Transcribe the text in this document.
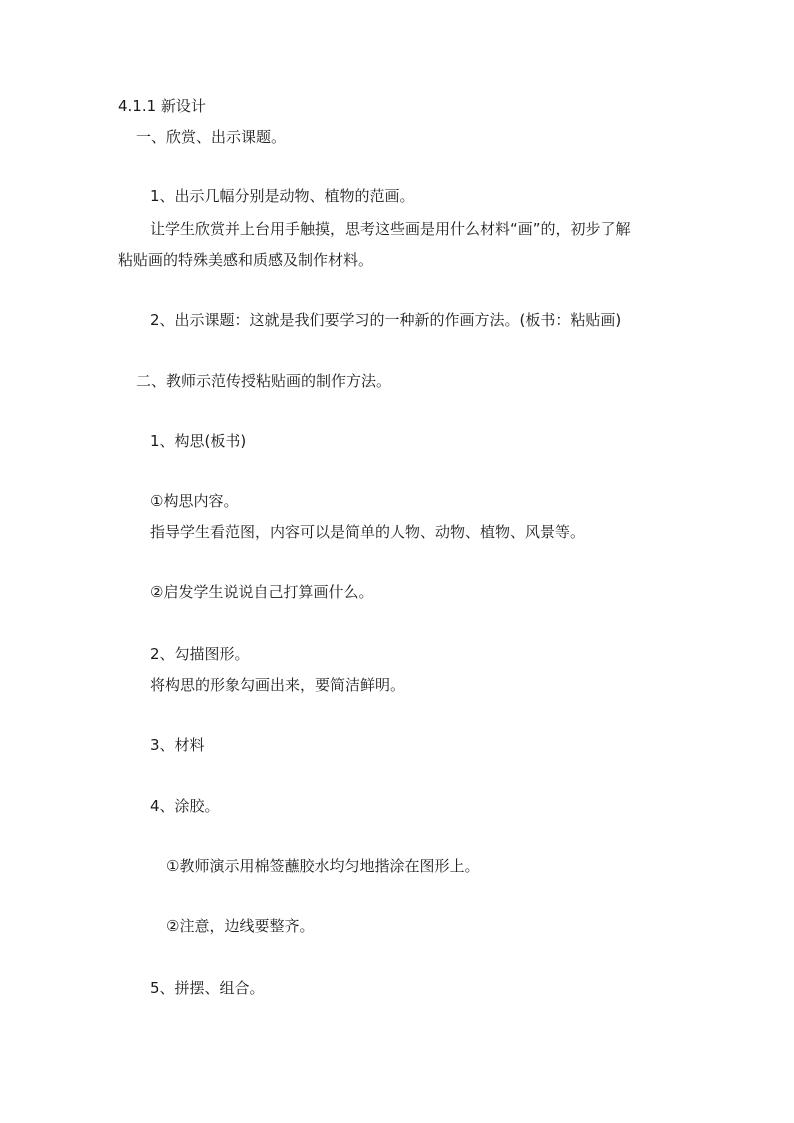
4.1.1 新设计
一、欣赏、出示课题。
1、出示几幅分别是动物、植物的范画。
让学生欣赏并上台用手触摸，思考这些画是用什么材料“画”的，初步了解
粘贴画的特殊美感和质感及制作材料。
2、出示课题：这就是我们要学习的一种新的作画方法。(板书：粘贴画)
二、教师示范传授粘贴画的制作方法。
1、构思(板书)
①构思内容。
指导学生看范图，内容可以是简单的人物、动物、植物、风景等。
②启发学生说说自己打算画什么。
2、勾描图形。
将构思的形象勾画出来，要简洁鲜明。
3、材料
4、涂胶。
①教师演示用棉签蘸胶水均匀地揩涂在图形上。
②注意，边线要整齐。
5、拼摆、组合。
